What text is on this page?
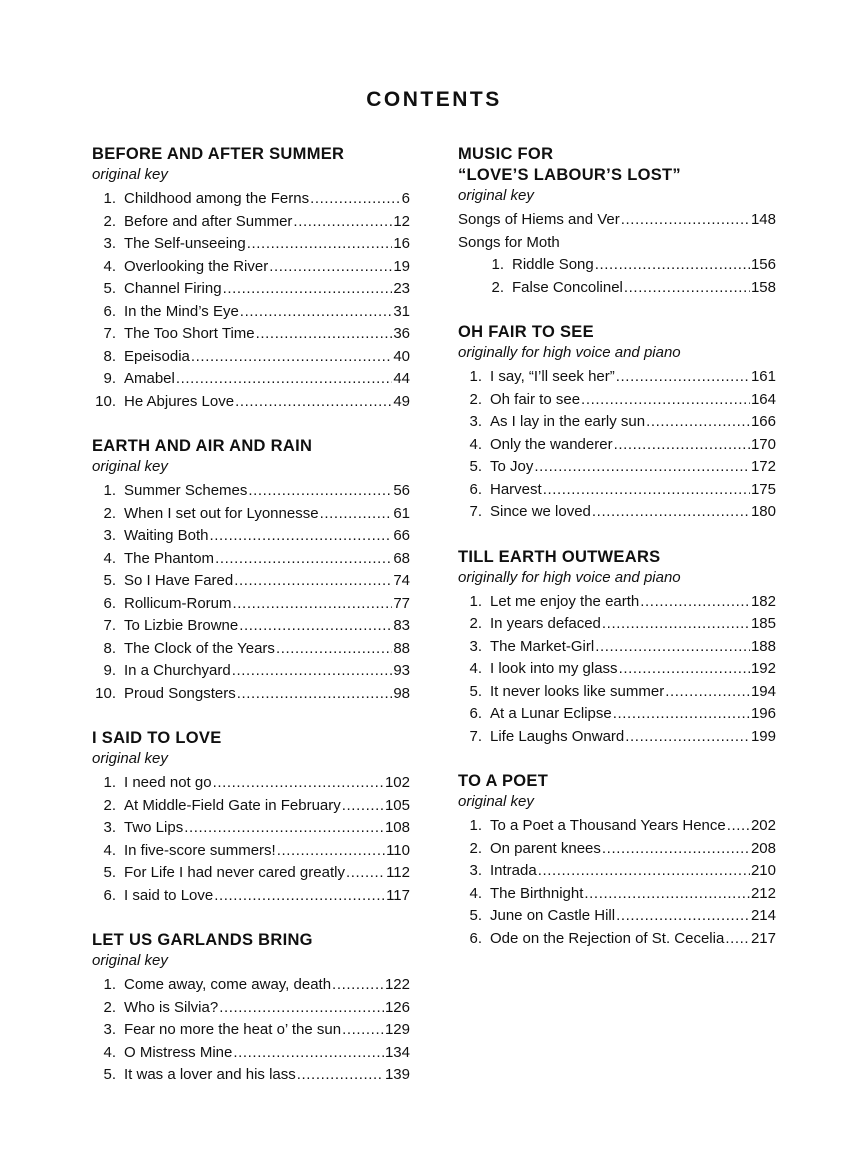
CONTENTS
BEFORE AND AFTER SUMMER
original key
1. Childhood among the Ferns .....	6
2. Before and after Summer .....	12
3. The Self-unseeing .....	16
4. Overlooking the River .....	19
5. Channel Firing .....	23
6. In the Mind’s Eye .....	31
7. The Too Short Time .....	36
8. Epeisodia .....	40
9. Amabel .....	44
10. He Abjures Love .....	49
EARTH AND AIR AND RAIN
original key
1. Summer Schemes .....	56
2. When I set out for Lyonnesse .....	61
3. Waiting Both .....	66
4. The Phantom .....	68
5. So I Have Fared .....	74
6. Rollicum-Rorum .....	77
7. To Lizbie Browne .....	83
8. The Clock of the Years .....	88
9. In a Churchyard .....	93
10. Proud Songsters .....	98
I SAID TO LOVE
original key
1. I need not go .....	102
2. At Middle-Field Gate in February .....	105
3. Two Lips .....	108
4. In five-score summers! .....	110
5. For Life I had never cared greatly .....	112
6. I said to Love .....	117
LET US GARLANDS BRING
original key
1. Come away, come away, death .....	122
2. Who is Silvia? .....	126
3. Fear no more the heat o’ the sun .....	129
4. O Mistress Mine .....	134
5. It was a lover and his lass .....	139
MUSIC FOR
“LOVE’S LABOUR’S LOST”
original key
Songs of Hiems and Ver .....	148
Songs for Moth
1. Riddle Song .....	156
2. False Concolinel .....	158
OH FAIR TO SEE
originally for high voice and piano
1. I say, “I’ll seek her” .....	161
2. Oh fair to see .....	164
3. As I lay in the early sun .....	166
4. Only the wanderer .....	170
5. To Joy .....	172
6. Harvest .....	175
7. Since we loved .....	180
TILL EARTH OUTWEARS
originally for high voice and piano
1. Let me enjoy the earth .....	182
2. In years defaced .....	185
3. The Market-Girl .....	188
4. I look into my glass .....	192
5. It never looks like summer .....	194
6. At a Lunar Eclipse .....	196
7. Life Laughs Onward .....	199
TO A POET
original key
1. To a Poet a Thousand Years Hence ..... 202
2. On parent knees .....	208
3. Intrada .....	210
4. The Birthnight .....	212
5. June on Castle Hill .....	214
6. Ode on the Rejection of St. Cecelia ..... 217
